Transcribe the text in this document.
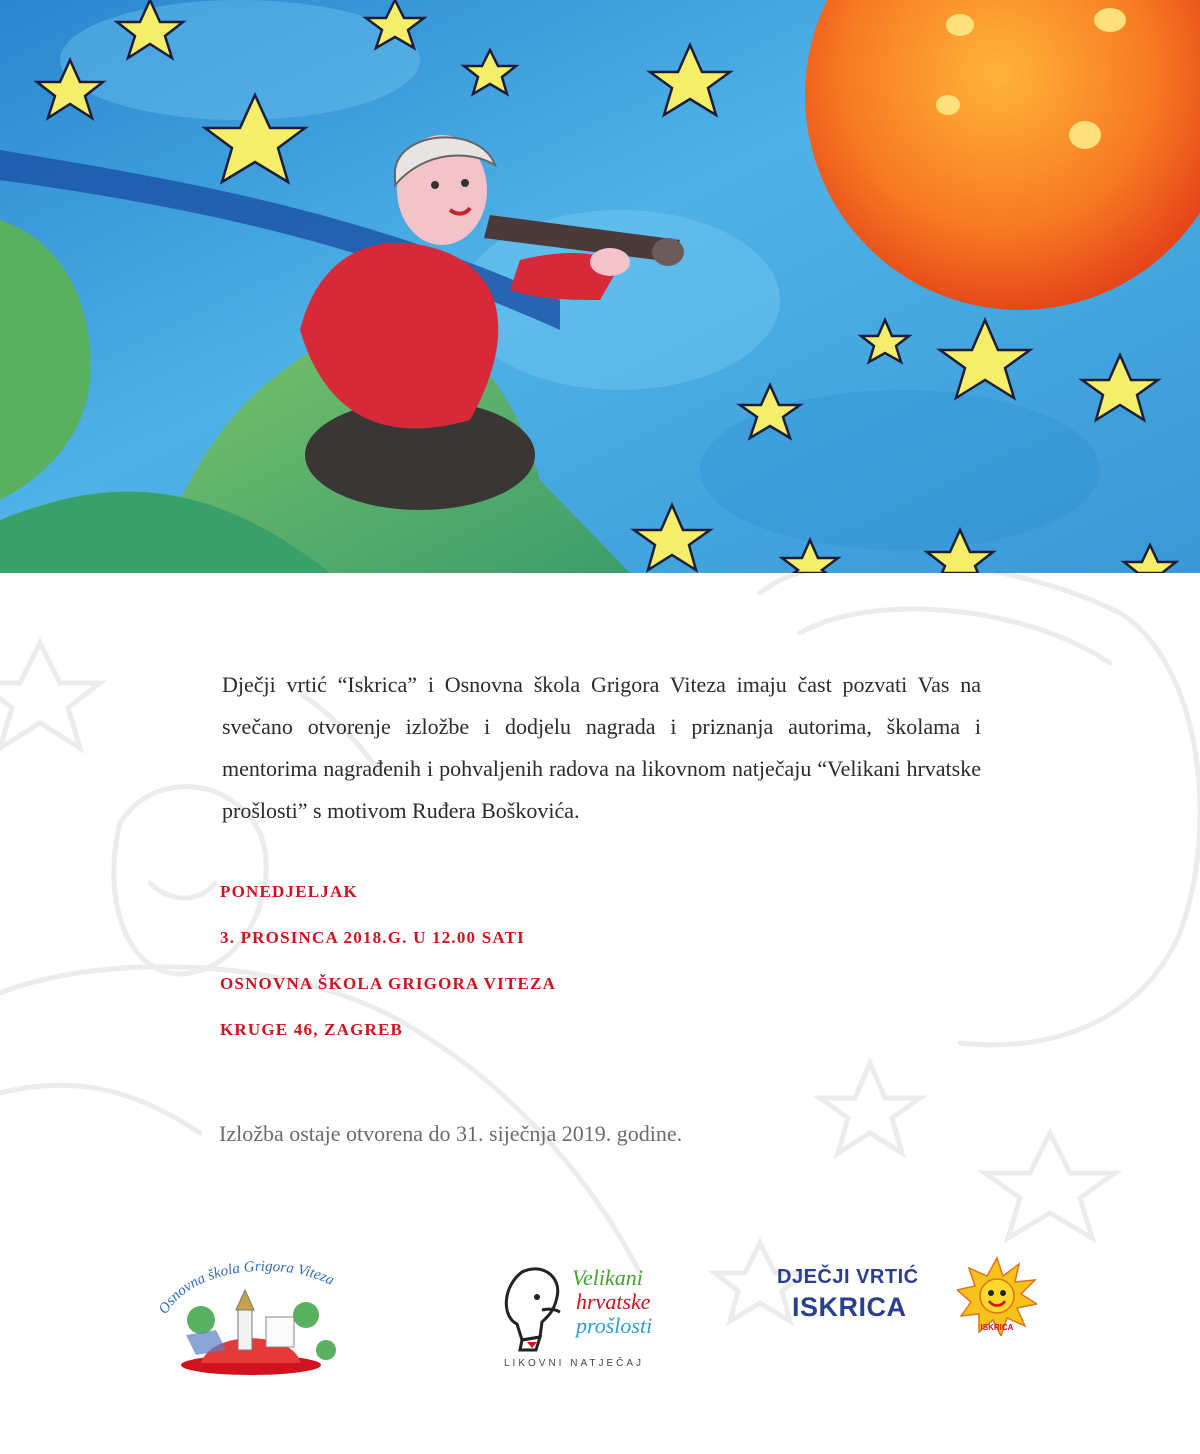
Dječji vrtić “Iskrica” i Osnovna škola Grigora Viteza imaju čast pozvati Vas na svečano otvorenje izložbe i dodjelu nagrada i priznanja autorima, školama i mentorima nagrađenih i pohvaljenih radova na likovnom natječaju “Velikani hrvatske prošlosti” s motivom Ruđera Boškovića.

PONEDJELJAK
3. PROSINCA 2018.G. U 12.00 SATI
OSNOVNA ŠKOLA GRIGORA VITEZA
KRUGE 46, ZAGREB

Izložba ostaje otvorena do 31. siječnja 2019. godine.

Osnovna škola Grigora Viteza	Velikani
hrvatske
prošlosti
LIKOVNI NATJEČAJ
DJEČJI VRTIĆ
ISKRICA
ISKRICA
